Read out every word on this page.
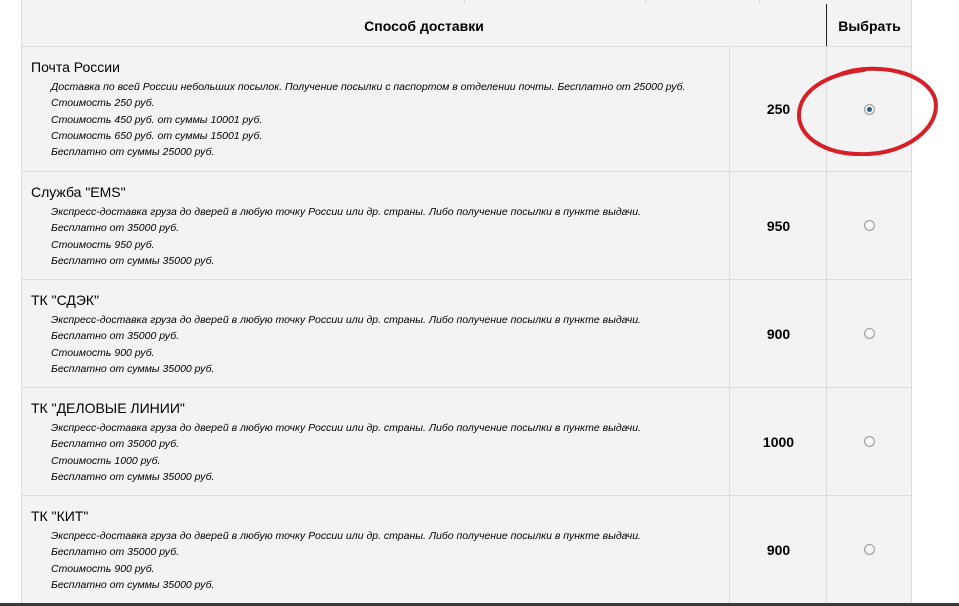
Способ доставки	Выбрать
Почта России
Доставка по всей России небольших посылок. Получение посылки с паспортом в отделении почты. Бесплатно от 25000 руб.
Стоимость 250 руб.
Стоимость 450 руб. от суммы 10001 руб.
Стоимость 650 руб. от суммы 15001 руб.
Бесплатно от суммы 25000 руб.
250
Служба "EMS"
Экспресс-доставка груза до дверей в любую точку России или др. страны. Либо получение посылки в пункте выдачи.
Бесплатно от 35000 руб.
Стоимость 950 руб.
Бесплатно от суммы 35000 руб.
950
ТК "СДЭК"
Экспресс-доставка груза до дверей в любую точку России или др. страны. Либо получение посылки в пункте выдачи.
Бесплатно от 35000 руб.
Стоимость 900 руб.
Бесплатно от суммы 35000 руб.
900
ТК "ДЕЛОВЫЕ ЛИНИИ"
Экспресс-доставка груза до дверей в любую точку России или др. страны. Либо получение посылки в пункте выдачи.
Бесплатно от 35000 руб.
Стоимость 1000 руб.
Бесплатно от суммы 35000 руб.
1000
ТК "КИТ"
Экспресс-доставка груза до дверей в любую точку России или др. страны. Либо получение посылки в пункте выдачи.
Бесплатно от 35000 руб.
Стоимость 900 руб.
Бесплатно от суммы 35000 руб.
900
